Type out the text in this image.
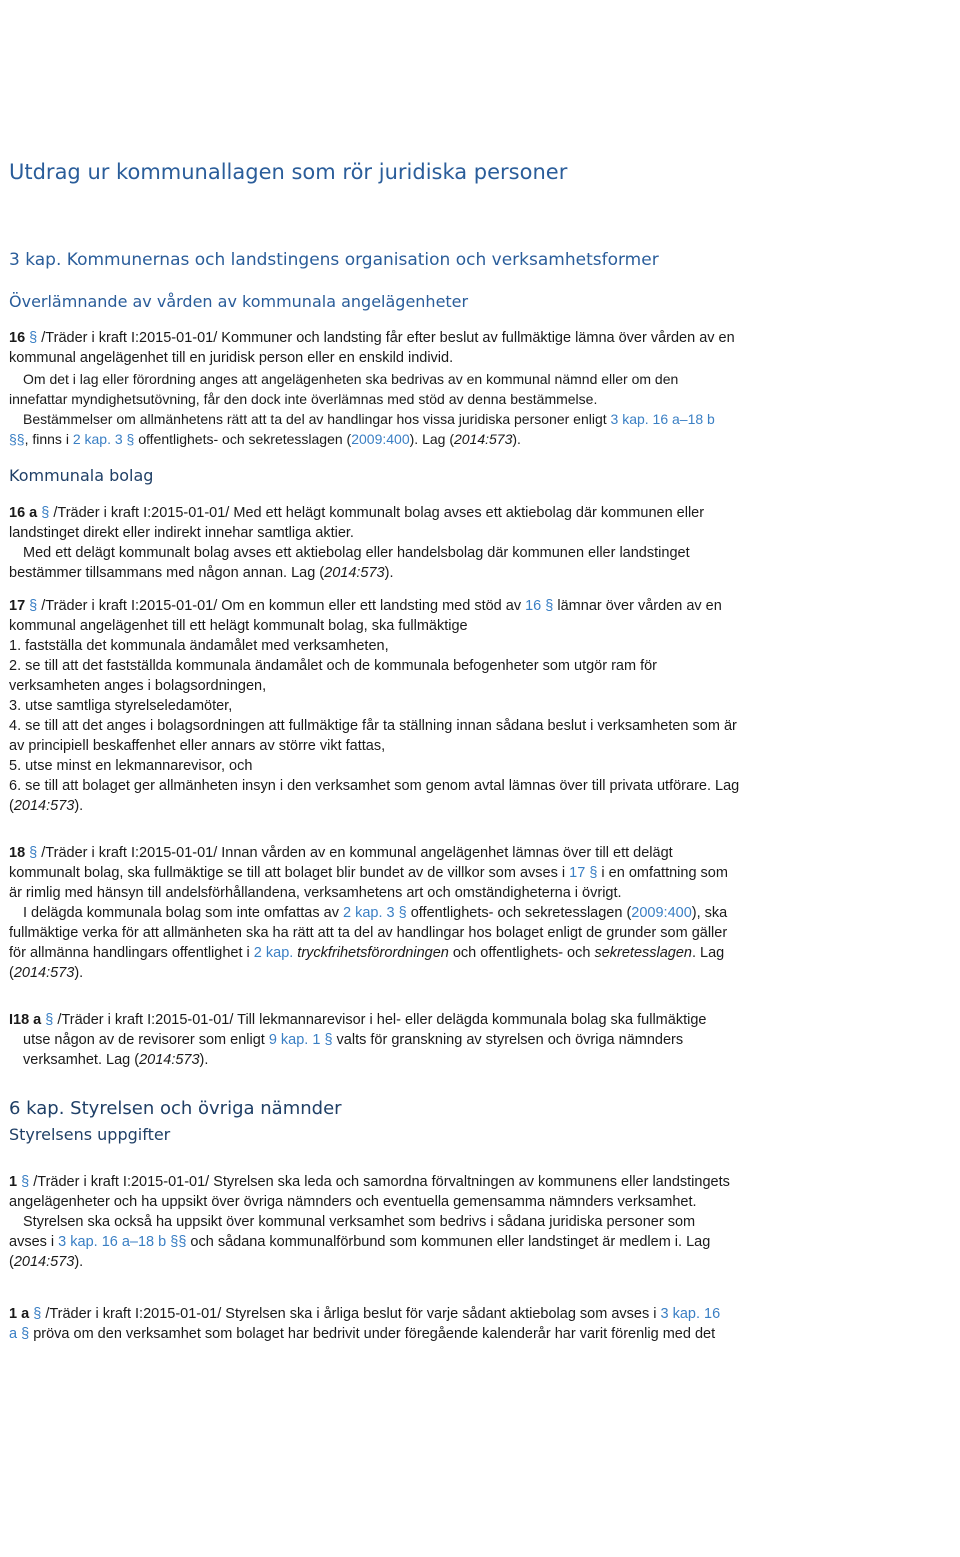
Utdrag ur kommunallagen som rör juridiska personer
3 kap. Kommunernas och landstingens organisation och verksamhetsformer
Överlämnande av vården av kommunala angelägenheter
16 § /Träder i kraft I:2015-01-01/ Kommuner och landsting får efter beslut av fullmäktige lämna över vården av en
kommunal angelägenhet till en juridisk person eller en enskild individ.
Om det i lag eller förordning anges att angelägenheten ska bedrivas av en kommunal nämnd eller om den
innefattar myndighetsutövning, får den dock inte överlämnas med stöd av denna bestämmelse.
Bestämmelser om allmänhetens rätt att ta del av handlingar hos vissa juridiska personer enligt 3 kap. 16 a–18 b
§§, finns i 2 kap. 3 § offentlighets- och sekretesslagen (2009:400). Lag (2014:573).
Kommunala bolag
16 a § /Träder i kraft I:2015-01-01/ Med ett helägt kommunalt bolag avses ett aktiebolag där kommunen eller
landstinget direkt eller indirekt innehar samtliga aktier.
Med ett delägt kommunalt bolag avses ett aktiebolag eller handelsbolag där kommunen eller landstinget
bestämmer tillsammans med någon annan. Lag (2014:573).
17 § /Träder i kraft I:2015-01-01/ Om en kommun eller ett landsting med stöd av 16 § lämnar över vården av en
kommunal angelägenhet till ett helägt kommunalt bolag, ska fullmäktige
1. fastställa det kommunala ändamålet med verksamheten,
2. se till att det fastställda kommunala ändamålet och de kommunala befogenheter som utgör ram för
verksamheten anges i bolagsordningen,
3. utse samtliga styrelseledamöter,
4. se till att det anges i bolagsordningen att fullmäktige får ta ställning innan sådana beslut i verksamheten som är
av principiell beskaffenhet eller annars av större vikt fattas,
5. utse minst en lekmannarevisor, och
6. se till att bolaget ger allmänheten insyn i den verksamhet som genom avtal lämnas över till privata utförare. Lag
(2014:573).
18 § /Träder i kraft I:2015-01-01/ Innan vården av en kommunal angelägenhet lämnas över till ett delägt
kommunalt bolag, ska fullmäktige se till att bolaget blir bundet av de villkor som avses i 17 § i en omfattning som
är rimlig med hänsyn till andelsförhållandena, verksamhetens art och omständigheterna i övrigt.
I delägda kommunala bolag som inte omfattas av 2 kap. 3 § offentlighets- och sekretesslagen (2009:400), ska
fullmäktige verka för att allmänheten ska ha rätt att ta del av handlingar hos bolaget enligt de grunder som gäller
för allmänna handlingars offentlighet i 2 kap. tryckfrihetsförordningen och offentlighets- och sekretesslagen. Lag
(2014:573).
I18 a § /Träder i kraft I:2015-01-01/ Till lekmannarevisor i hel- eller delägda kommunala bolag ska fullmäktige
utse någon av de revisorer som enligt 9 kap. 1 § valts för granskning av styrelsen och övriga nämnders
verksamhet. Lag (2014:573).
6 kap. Styrelsen och övriga nämnder
Styrelsens uppgifter
1 § /Träder i kraft I:2015-01-01/ Styrelsen ska leda och samordna förvaltningen av kommunens eller landstingets
angelägenheter och ha uppsikt över övriga nämnders och eventuella gemensamma nämnders verksamhet.
Styrelsen ska också ha uppsikt över kommunal verksamhet som bedrivs i sådana juridiska personer som
avses i 3 kap. 16 a–18 b §§ och sådana kommunalförbund som kommunen eller landstinget är medlem i. Lag
(2014:573).
1 a § /Träder i kraft I:2015-01-01/ Styrelsen ska i årliga beslut för varje sådant aktiebolag som avses i 3 kap. 16
a § pröva om den verksamhet som bolaget har bedrivit under föregående kalenderår har varit förenlig med det
